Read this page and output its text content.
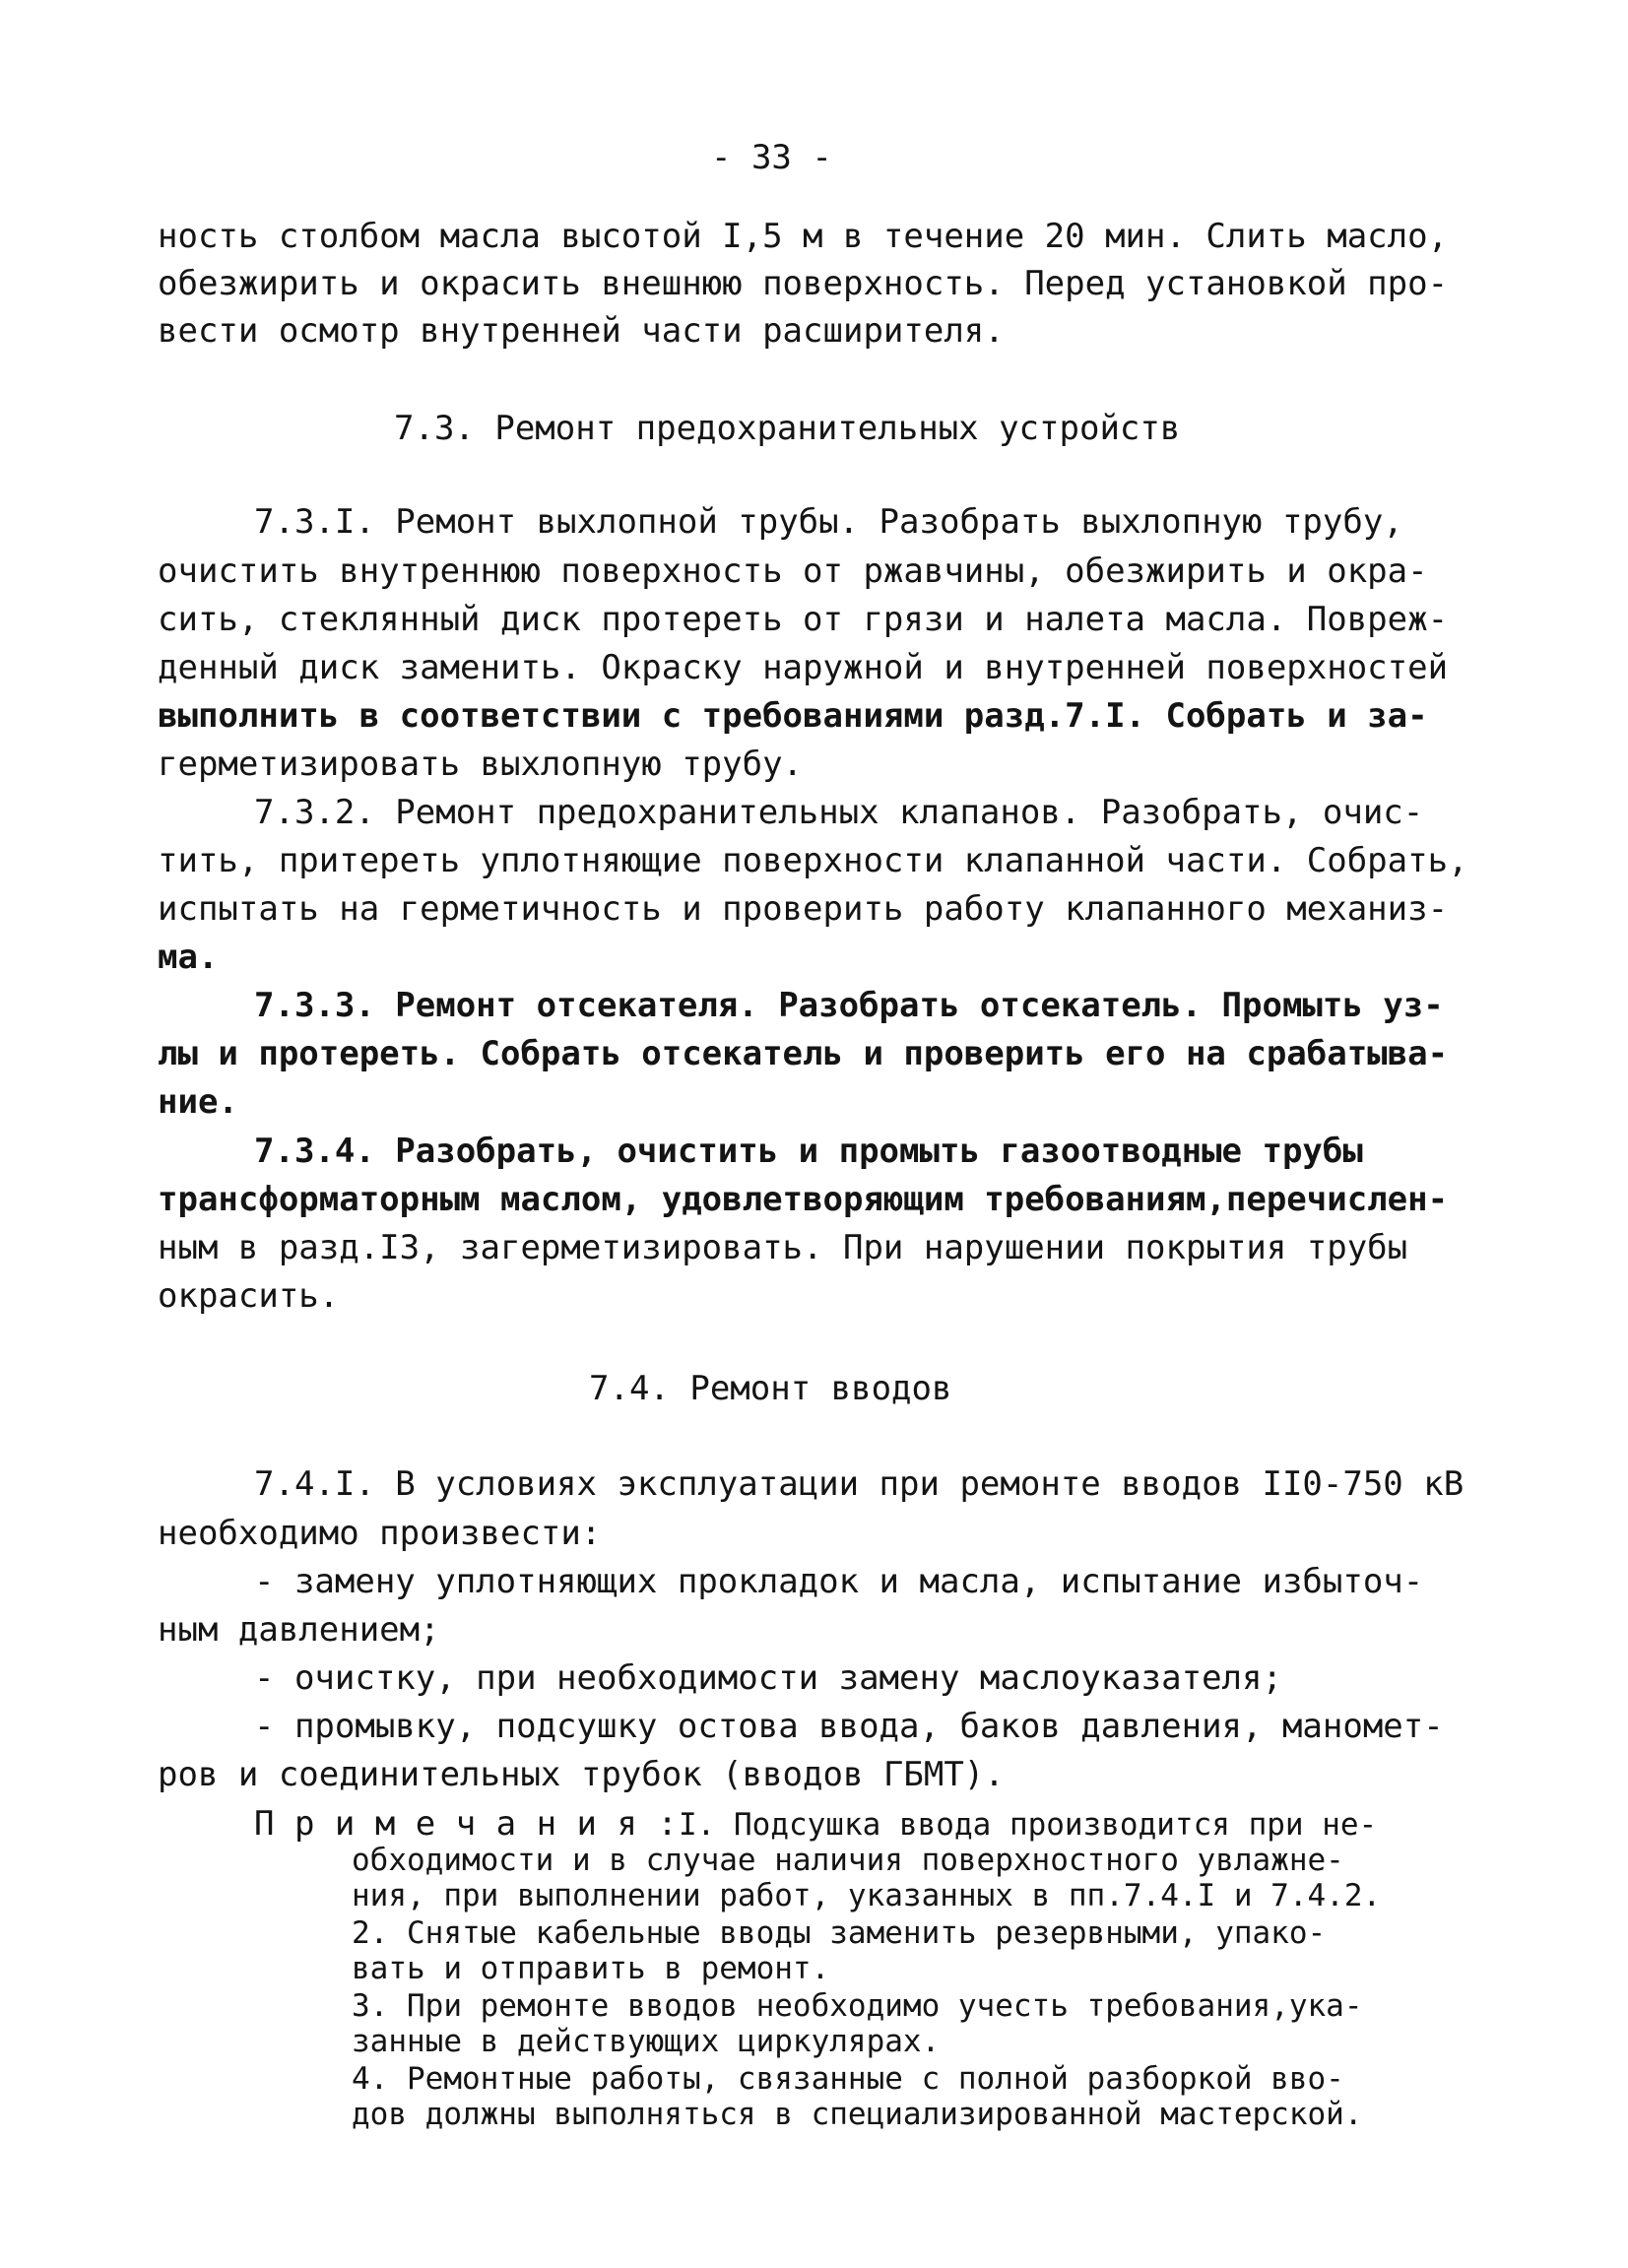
- 33 -
ность столбом масла высотой I,5 м в течение 20 мин. Слить масло,
обезжирить и окрасить внешнюю поверхность. Перед установкой про-
вести осмотр внутренней части расширителя.
7.3. Ремонт предохранительных устройств
7.3.I. Ремонт выхлопной трубы. Разобрать выхлопную трубу,
очистить внутреннюю поверхность от ржавчины, обезжирить и окра-
сить, стеклянный диск протереть от грязи и налета масла. Повреж-
денный диск заменить. Окраску наружной и внутренней поверхностей
выполнить в соответствии с требованиями разд.7.I. Собрать и за-
герметизировать выхлопную трубу.
7.3.2. Ремонт предохранительных клапанов. Разобрать, очис-
тить, притереть уплотняющие поверхности клапанной части. Собрать,
испытать на герметичность и проверить работу клапанного механиз-
ма.
7.3.3. Ремонт отсекателя. Разобрать отсекатель. Промыть уз-
лы и протереть. Собрать отсекатель и проверить его на срабатыва-
ние.
7.3.4. Разобрать, очистить и промыть газоотводные трубы
трансформаторным маслом, удовлетворяющим требованиям,перечислен-
ным в разд.I3, загерметизировать. При нарушении покрытия трубы
окрасить.
7.4. Ремонт вводов
7.4.I. В условиях эксплуатации при ремонте вводов II0-750 кВ
необходимо произвести:
- замену уплотняющих прокладок и масла, испытание избыточ-
ным давлением;
- очистку, при необходимости замену маслоуказателя;
- промывку, подсушку остова ввода, баков давления, маномет-
ров и соединительных трубок (вводов ГБМТ).
П р и м е ч а н и я : I. Подсушка ввода производится при не-
обходимости и в случае наличия поверхностного увлажне-
ния, при выполнении работ, указанных в пп.7.4.I и 7.4.2.
2. Снятые кабельные вводы заменить резервными, упако-
вать и отправить в ремонт.
3. При ремонте вводов необходимо учесть требования,ука-
занные в действующих циркулярах.
4. Ремонтные работы, связанные с полной разборкой вво-
дов должны выполняться в специализированной мастерской.
